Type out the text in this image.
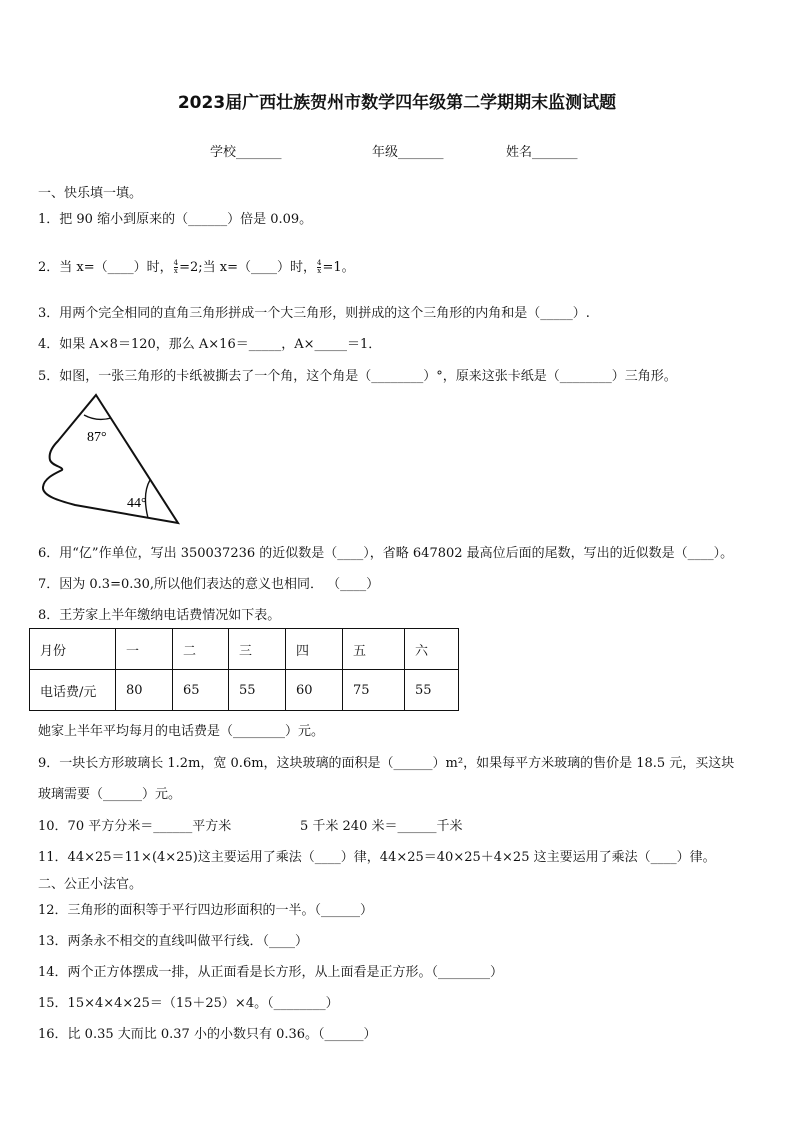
2023届广西壮族贺州市数学四年级第二学期期末监测试题
学校_______	年级_______	姓名_______
一、快乐填一填。
1．把 90 缩小到原来的（______）倍是 0.09。
2．当 x=（____）时， $\frac{4}{x} =2$;当 x=（____）时， $\frac{4}{x} =1$。
3．用两个完全相同的直角三角形拼成一个大三角形，则拼成的这个三角形的内角和是（_____）.
4．如果 A×8＝120，那么 A×16＝_____，A×_____＝1．
5．如图，一张三角形的卡纸被撕去了一个角，这个角是（________）°，原来这张卡纸是（________）三角形。
87°
44°
6．用“亿”作单位，写出 350037236 的近似数是（____），省略 647802 最高位后面的尾数，写出的近似数是（____）。
7．因为 0.3=0.30,所以他们表达的意义也相同． （____）
8．王芳家上半年缴纳电话费情况如下表。
月份	一	二	三	四	五	六
电话费/元	80	65	55	60	75	55
她家上半年平均每月的电话费是（________）元。
9．一块长方形玻璃长 1.2m，宽 0.6m，这块玻璃的面积是（______）m²，如果每平方米玻璃的售价是 18.5 元，买这块
玻璃需要（______）元。
10．70 平方分米＝______平方米	5 千米 240 米＝______千米
11．44×25＝11×(4×25)这主要运用了乘法（____）律，44×25＝40×25＋4×25 这主要运用了乘法（____）律。
二、公正小法官。
12．三角形的面积等于平行四边形面积的一半。（______）
13．两条永不相交的直线叫做平行线．（____）
14．两个正方体摆成一排，从正面看是长方形，从上面看是正方形。（________）
15．15×4×4×25＝（15＋25）×4。（________）
16．比 0.35 大而比 0.37 小的小数只有 0.36。（______）
